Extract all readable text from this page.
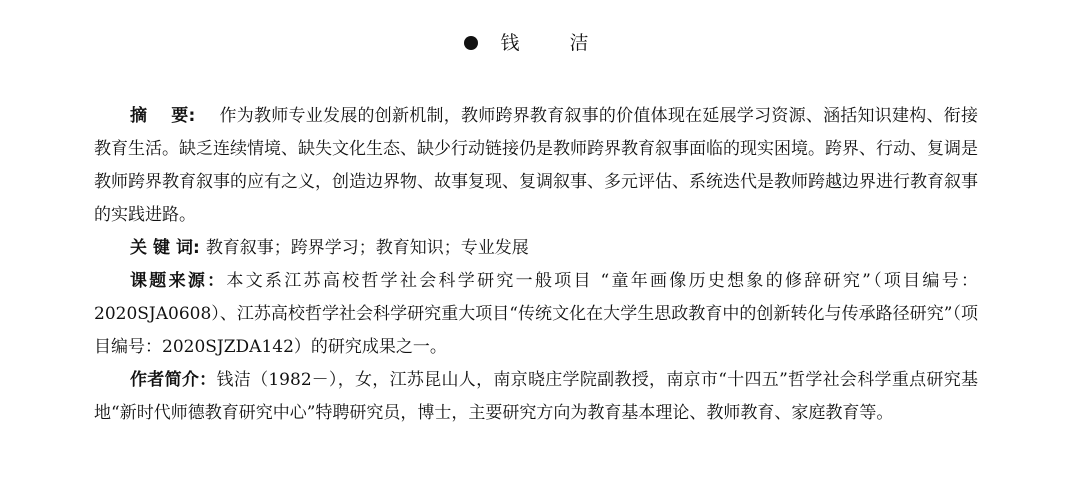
钱 洁

摘要:作为教师专业发展的创新机制，教师跨界教育叙事的价值体现在延展学习资源、涵括知识建构、衔接教育生活。缺乏连续情境、缺失文化生态、缺少行动链接仍是教师跨界教育叙事面临的现实困境。跨界、行动、复调是教师跨界教育叙事的应有之义，创造边界物、故事复现、复调叙事、多元评估、系统迭代是教师跨越边界进行教育叙事的实践进路。

关键词:教育叙事；跨界学习；教育知识；专业发展

课题来源：本文系江苏高校哲学社会科学研究一般项目 “童年画像历史想象的修辞研究”（项目编号：2020SJA0608）、江苏高校哲学社会科学研究重大项目“传统文化在大学生思政教育中的创新转化与传承路径研究”（项目编号：2020SJZDA142）的研究成果之一。

作者简介：钱洁（1982－），女，江苏昆山人，南京晓庄学院副教授，南京市“十四五”哲学社会科学重点研究基地“新时代师德教育研究中心”特聘研究员，博士，主要研究方向为教育基本理论、教师教育、家庭教育等。
